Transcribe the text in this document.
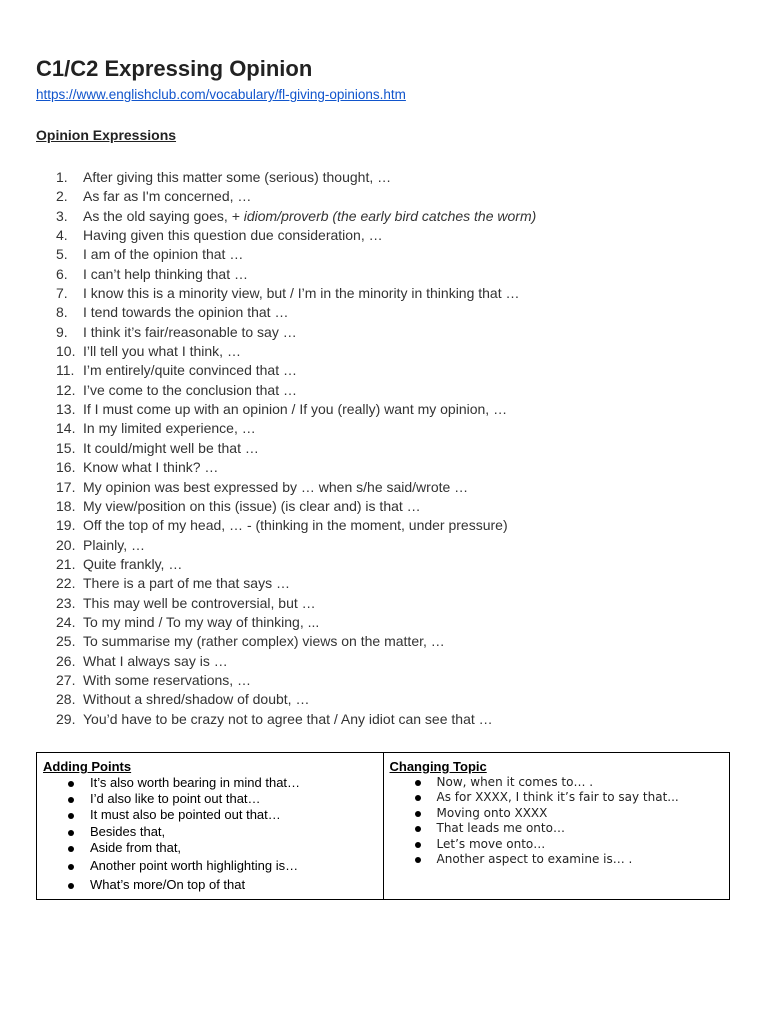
C1/C2 Expressing Opinion
https://www.englishclub.com/vocabulary/fl-giving-opinions.htm
Opinion Expressions
1. After giving this matter some (serious) thought, …
2. As far as I'm concerned, …
3. As the old saying goes, + idiom/proverb (the early bird catches the worm)
4. Having given this question due consideration, …
5. I am of the opinion that …
6. I can’t help thinking that …
7. I know this is a minority view, but / I’m in the minority in thinking that …
8. I tend towards the opinion that …
9. I think it’s fair/reasonable to say …
10. I’ll tell you what I think, …
11. I’m entirely/quite convinced that …
12. I’ve come to the conclusion that …
13. If I must come up with an opinion / If you (really) want my opinion, …
14. In my limited experience, …
15. It could/might well be that …
16. Know what I think? …
17. My opinion was best expressed by … when s/he said/wrote …
18. My view/position on this (issue) (is clear and) is that …
19. Off the top of my head, … - (thinking in the moment, under pressure)
20. Plainly, …
21. Quite frankly, …
22. There is a part of me that says …
23. This may well be controversial, but …
24. To my mind / To my way of thinking, ...
25. To summarise my (rather complex) views on the matter, …
26. What I always say is …
27. With some reservations, …
28. Without a shred/shadow of doubt, …
29. You’d have to be crazy not to agree that / Any idiot can see that …
Adding Points
It’s also worth bearing in mind that…
I’d also like to point out that…
It must also be pointed out that…
Besides that,
Aside from that,
Another point worth highlighting is…
What’s more/On top of that

Changing Topic
Now, when it comes to… .
As for XXXX, I think it’s fair to say that...
Moving onto XXXX
That leads me onto…
Let’s move onto…
Another aspect to examine is… .
